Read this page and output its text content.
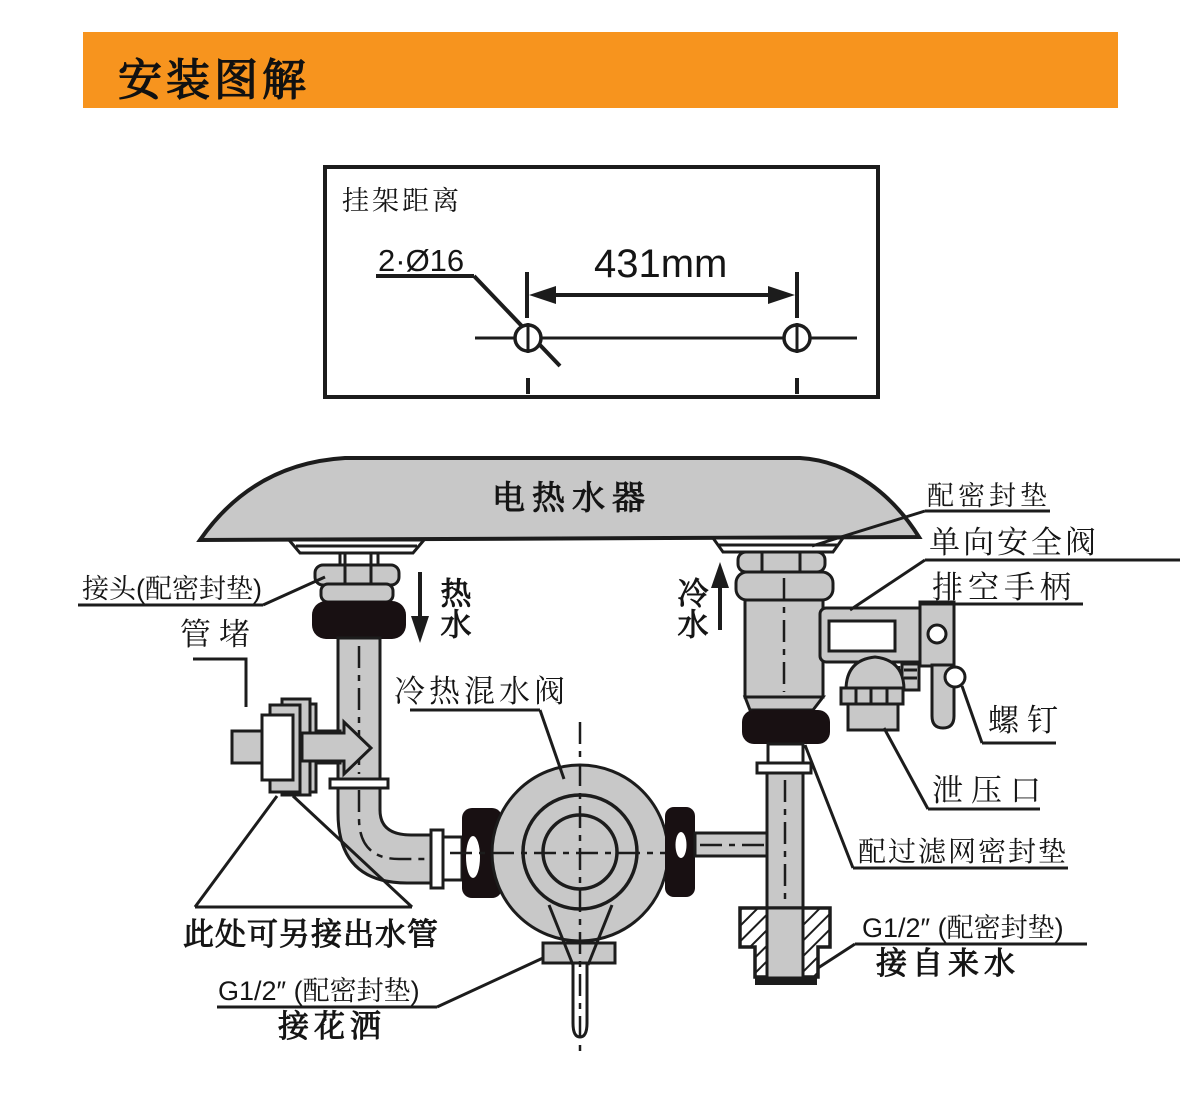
安装图解
挂架距离
2·Ø16	431mm
电热水器	配密封垫
单向安全阀
排空手柄
接头(配密封垫)	热水	冷水
管堵
冷热混水阀
螺钉
泄压口
配过滤网密封垫
此处可另接出水管	G1/2″ (配密封垫)
接自来水
G1/2″ (配密封垫)
接花洒
